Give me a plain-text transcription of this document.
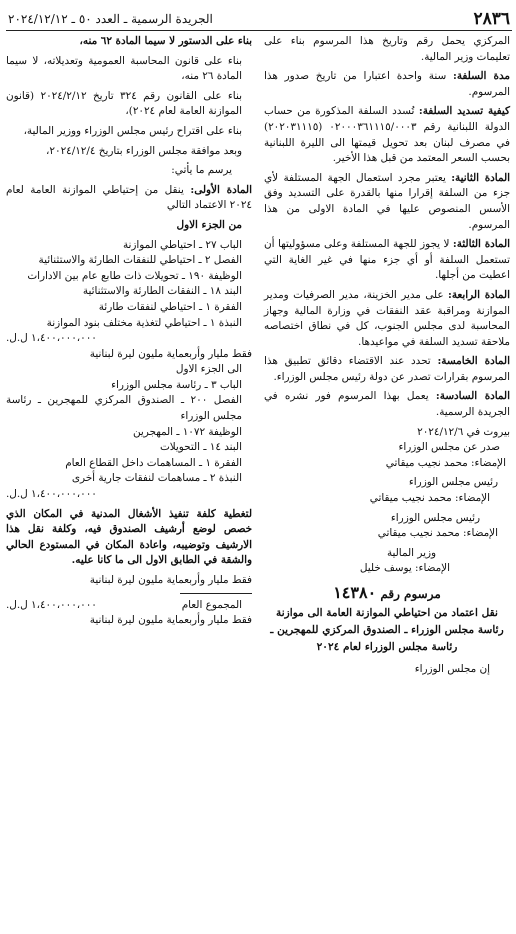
٢٨٣٦
الجريدة الرسمية ـ العدد ٥٠ ـ ٢٠٢٤/١٢/١٢

المركزي يحمل رقم وتاريخ هذا المرسوم بناء على تعليمات وزير المالية.

مدة السلفة: سنة واحدة اعتبارا من تاريخ صدور هذا المرسوم.

كيفية تسديد السلفة: تُسدد السلفة المذكورة من حساب الدولة اللبنانية رقم ٠٢٠٠٠٣٦١١١٥/٠٠٠٣ (٢٠٢٠٣١١١٥) في مصرف لبنان بعد تحويل قيمتها الى الليرة اللبنانية بحسب السعر المعتمد من قبل هذا الأخير.

المادة الثانية: يعتبر مجرد استعمال الجهة المستلفة لأي جزء من السلفة إقرارا منها بالقدرة على التسديد وفق الأسس المنصوص عليها في المادة الاولى من هذا المرسوم.

المادة الثالثة: لا يجوز للجهة المستلفة وعلى مسؤوليتها أن تستعمل السلفة أو أي جزء منها في غير الغاية التي اعطيت من أجلها.

المادة الرابعة: على مدير الخزينة، مدير الصرفيات ومدير الموازنة ومراقبة عقد النفقات في وزارة المالية وجهاز المحاسبة لدى مجلس الجنوب، كل في نطاق اختصاصه ملاحقة تسديد السلفة في مواعيدها.

المادة الخامسة: تحدد عند الاقتضاء دقائق تطبيق هذا المرسوم بقرارات تصدر عن دولة رئيس مجلس الوزراء.

المادة السادسة: يعمل بهذا المرسوم فور نشره في الجريدة الرسمية.

بيروت في ٢٠٢٤/١٢/٦

صدر عن مجلس الوزراء

الإمضاء: محمد نجيب ميقاتي

رئيس مجلس الوزراء

الإمضاء: محمد نجيب ميقاتي

رئيس مجلس الوزراء

الإمضاء: محمد نجيب ميقاتي

وزير المالية

الإمضاء: يوسف خليل

مرسوم رقم ١٤٣٨٠

نقل اعتماد من احتياطي الموازنة العامة الى موازنة رئاسة مجلس الوزراء ـ الصندوق المركزي للمهجرين ـ رئاسة مجلس الوزراء لعام ٢٠٢٤

إن مجلس الوزراء

بناء على الدستور لا سيما المادة ٦٢ منه،

بناء على قانون المحاسبة العمومية وتعديلاته، لا سيما المادة ٢٦ منه،

بناء على القانون رقم ٣٢٤ تاريخ ٢٠٢٤/٢/١٢ (قانون الموازنة العامة لعام ٢٠٢٤)،

بناء على اقتراح رئيس مجلس الوزراء ووزير المالية،

وبعد موافقة مجلس الوزراء بتاريخ ٢٠٢٤/١٢/٤،

يرسم ما يأتي:

المادة الأولى: ينقل من إحتياطي الموازنة العامة لعام ٢٠٢٤ الاعتماد التالي

من الجزء الاول

الباب ٢٧ ـ احتياطي الموازنة

الفصل ٢ ـ احتياطي للنفقات الطارئة والاستثنائية

الوظيفة ١٩٠ ـ تحويلات ذات طابع عام بين الادارات

البند ١٨ ـ النفقات الطارئة والاستثنائية

الفقرة ١ ـ احتياطي لنفقات طارئة

النبذة ١ ـ احتياطي لتغذية مختلف بنود الموازنة

١،٤٠٠،٠٠٠،٠٠٠ ل.ل.

فقط مليار وأربعماية مليون ليرة لبنانية

الى الجزء الاول

الباب ٣ ـ رئاسة مجلس الوزراء

الفصل ٢٠٠ ـ الصندوق المركزي للمهجرين ـ رئاسة مجلس الوزراء

الوظيفة ١٠٧٢ ـ المهجرين

البند ١٤ ـ التحويلات

الفقرة ١ ـ المساهمات داخل القطاع العام

النبذة ٢ ـ مساهمات لنفقات جارية أخرى

١،٤٠٠،٠٠٠،٠٠٠ ل.ل.

لتغطية كلفة تنفيذ الأشغال المدنية في المكان الذي خصص لوضع أرشيف الصندوق فيه، وكلفة نقل هذا الارشيف وتوضيبه، واعادة المكان في المستودع الحالي والشقة في الطابق الاول الى ما كانا عليه.

فقط مليار وأربعماية مليون ليرة لبنانية

المجموع العام
١،٤٠٠،٠٠٠،٠٠٠ ل.ل.

فقط مليار وأربعماية مليون ليرة لبنانية
